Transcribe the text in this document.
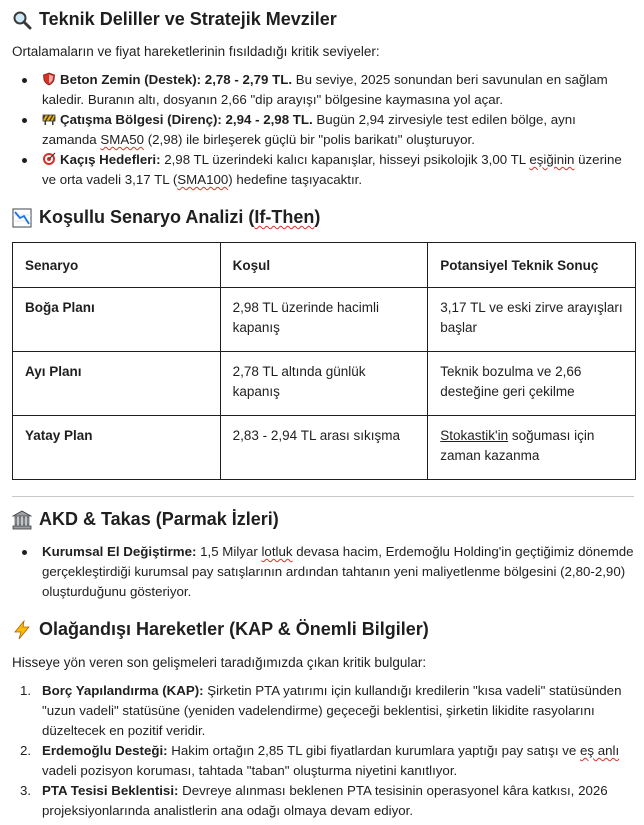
Teknik Deliller ve Stratejik Mevziler

Ortalamaların ve fiyat hareketlerinin fısıldadığı kritik seviyeler:

Beton Zemin (Destek): 2,78 - 2,79 TL. Bu seviye, 2025 sonundan beri savunulan en sağlam kaledir. Buranın altı, dosyanın 2,66 "dip arayışı" bölgesine kaymasına yol açar.
Çatışma Bölgesi (Direnç): 2,94 - 2,98 TL. Bugün 2,94 zirvesiyle test edilen bölge, aynı zamanda SMA50 (2,98) ile birleşerek güçlü bir "polis barikatı" oluşturuyor.
Kaçış Hedefleri: 2,98 TL üzerindeki kalıcı kapanışlar, hisseyi psikolojik 3,00 TL eşiğinin üzerine ve orta vadeli 3,17 TL (SMA100) hedefine taşıyacaktır.
Koşullu Senaryo Analizi ( If-Then )
Senaryo	Koşul	Potansiyel Teknik Sonuç
Boğa Planı	2,98 TL üzerinde hacimli kapanış	3,17 TL ve eski zirve arayışları başlar
Ayı Planı	2,78 TL altında günlük kapanış	Teknik bozulma ve 2,66 desteğine geri çekilme
Yatay Plan	2,83 - 2,94 TL arası sıkışma	Stokastik'in soğuması için zaman kazanma
AKD & Takas (Parmak İzleri)
Kurumsal El Değiştirme: 1,5 Milyar lotluk devasa hacim, Erdemoğlu Holding'in geçtiğimiz dönemde gerçekleştirdiği kurumsal pay satışlarının ardından tahtanın yeni maliyetlenme bölgesini (2,80-2,90) oluşturduğunu gösteriyor.
Olağandışı Hareketler (KAP & Önemli Bilgiler)

Hisseye yön veren son gelişmeleri taradığımızda çıkan kritik bulgular:

1. Borç Yapılandırma (KAP): Şirketin PTA yatırımı için kullandığı kredilerin "kısa vadeli" statüsünden "uzun vadeli" statüsüne (yeniden vadelendirme) geçeceği beklentisi, şirketin likidite rasyolarını düzeltecek en pozitif veridir.
2. Erdemoğlu Desteği: Hakim ortağın 2,85 TL gibi fiyatlardan kurumlara yaptığı pay satışı ve eş anlı vadeli pozisyon koruması, tahtada "taban" oluşturma niyetini kanıtlıyor.
3. PTA Tesisi Beklentisi: Devreye alınması beklenen PTA tesisinin operasyonel kâra katkısı, 2026 projeksiyonlarında analistlerin ana odağı olmaya devam ediyor.
